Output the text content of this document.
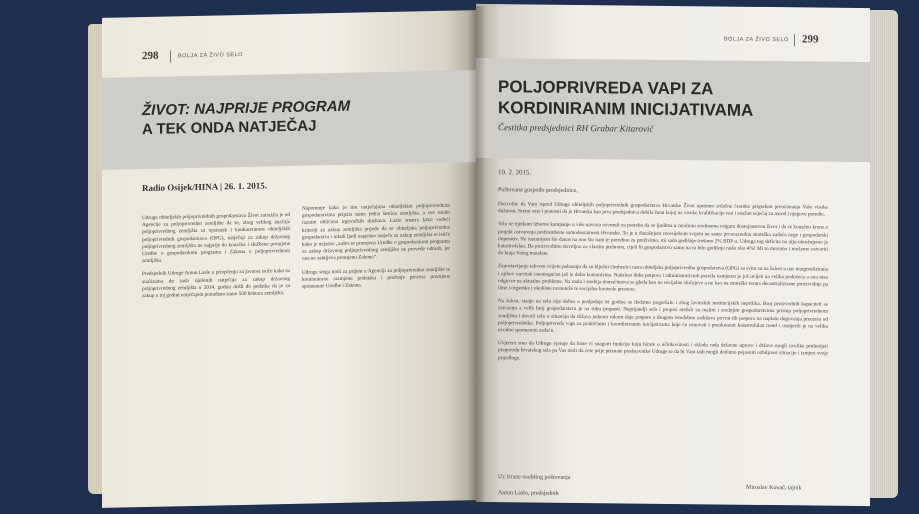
298	BOLJA ZA ŽIVO SELO
ŽIVOT: NAJPRIJE PROGRAM
A TEK ONDA NATJEČAJ
Radio Osijek/HINA | 26. 1. 2015.

Udruga obiteljskih poljoprivrednih gospodarstava Život zatražila je od Agencije za poljoprivredno zemljište da se, zbog velikog značaja poljoprivrednog zemljišta za opstanak i konkurentnost obiteljskih poljoprivrednih gospodarstava (OPG), natječaji za zakup državnog poljoprivrednog zemljišta ne najprije do konačne i službene promjene Uredbe o gospodarskom programu i Zakona o poljoprivrednom zemljištu.

Predsjednik Udruge Antun Laslo u priopćenju za javnost ističe kako su analizama do sada riješenih natječaja za zakup državnog poljoprivrednog zemljišta u 2014. godini došli do podatka da je za zakup u toj godini natječajem ponuđeno samo 500 hektara zemljišta.

Napominje kako je tim natječajima obiteljskim poljoprivrednim gospodarstvima pripala samo jedna šestina zemljišta, a sve ostalo raznim oblicima trgovačkih društava. Laslo smatra kako vodeći kriteriji za zakup zemljišta prijeđe da se obiteljska poljoprivredna gospodarstva i mladi ljudi uspješno natječu za zakup zemljišta te ističe kako je nejasno „zašto se promjena Uredbe o gospodarskom programu za zakup državnog poljoprivrednog zemljišta ne provede odmah, jer ona ne zahtijeva promjenu Zakona“.

Udruga stoga moli za prijem u Agenciji za poljoprivredno zemljište te kontinuiranu razmjenu podataka i praćenje procesa promjena spomenute Uredbe i Zakona.

BOLJA ZA ŽIVO SELO 299
POLJOPRIVREDA VAPI ZA
KORDINIRANIM INICIJATIVAMA
Čestitka predsjednici RH Grabar Kitarović
19. 2. 2015.
Poštovana gospođo predsjednice,

Dozvolite da Vam ispred Udruge obiteljskih poljoprivrednih gospodarstava Hrvatske Život uputimo srdačne čestitke prigodom preuzimanja Vaše visoke dužnosti. Sretni smo i ponosni da je Hrvatska kao prva predsjednica dobila ženu kojoj uz visoke kvalifikacije resi i snažan osjećaj za narod i njegove potrebe.

Vrlo se rijetkom izborne kampanje u više navrata osvrnuli na potrebu da se ljudima u ruralnim sredinama osigura dostojanstven život i da se konačno krene u projekt ostvarenja prehrambene samodostatnosti Hrvatske. To je u današnjem recesijskom svijetu ne samo prvorazredna strateška zadaća nego i gospodarski imperativ. Ne razumijem što danas na ono što nam je potrebno za preživimo, mi sada godišnje trošimo 2% BDP-a. Udruga tog deficita na ulju okružujemo je katastrofalan. Da proizvodimo dovoljno za vlastitu prehranu, cijeli bi gospodarstvo samo na tu bilo godišnje raslo oko 4%! Mi to moramo i možemo ostvariti do kraja Vašeg mandata.

Zapostavljanje takvom svijetu pokazuju da su ključni čimbenici rasta obiteljska poljoprivredna gospodarstva (OPG) sa svim su na žalost u nas marginalizirana i njihov razvitak onemogućen još iz doba komunizma. Nažalost doba potpora i administrativnih pravila usmjeren je još uvijek na velika poduzeća a ona nisu odgovor na aktualne probleme. Na mala i srednja domaćinstva se gleda kao na socijalne slučajeve a ne kao na strateški resurs decentralizirane proizvodnje pa time i organske i okolišne ravnoteže te socijalne kontrole prostora.

Na žalost, stanje na selu nije dobro a posljednje tri godine se dodatno pogoršalo i zbog lavinskih institucijskih neprilika. Broj proizvodnih kapaciteti se zatvaraju a velik broj gospodarstava je na rubu propasti. Neprijatelji sela i propisi otežali su malim i srednjim gospodarstvima pristup poljoprivrednom zemljištu i dovoli selo u situaciju da država jednom rukom daje potpore a drugom istodobno zadržava povrat tih potpora na naplatu dugovanja preuzeta od poljoprivrednika. Poljoprivreda vapi za praktičnim i koordiniranim inicijativama koje će osnovati i preokrenuti katastrofalan trend i usmjeriti je na veliku uvodno spomenutu zadaću.

Uvjereni smo da Udruge vjeruje da biste vi snagom funkcije koju birate u učinkovitosti i skladu rada državne uprave i države mogli uvelike pridonijeti preporodu hrvatskog sela pa Vas moli da ćete prije priznate predstavnike Udruge te da bi Vam tadi mogli dodatno pojasniti ozbiljnost situacije i izmjeri svoje prijedloge.

Uz izraze osobitog poštovanja
Antun Laslo, predsjednik
Miroslav Kovač, tajnik
